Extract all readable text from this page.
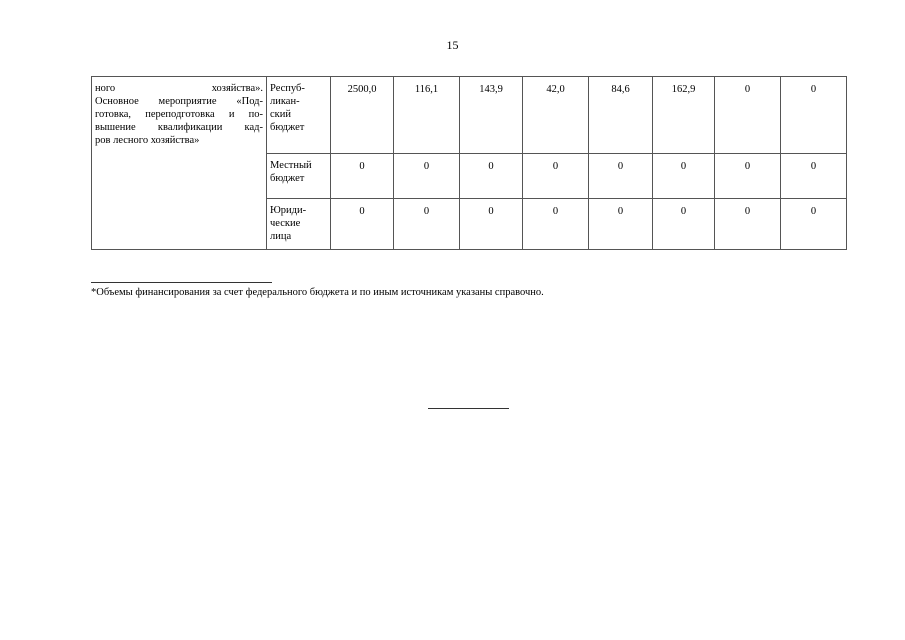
15
ного хозяйства».
Основное мероприятие «Под-
готовка, переподготовка и по-
вышение квалификации кад-
ров лесного хозяйства»	Респуб-
ликан-
ский
бюджет	2500,0	116,1	143,9	42,0	84,6	162,9	0	0

	Местный
бюджет	0	0	0	0	0	0	0	0

	Юриди-
ческие
лица	0	0	0	0	0	0	0	0
*Объемы финансирования за счет федерального бюджета и по иным источникам указаны справочно.
